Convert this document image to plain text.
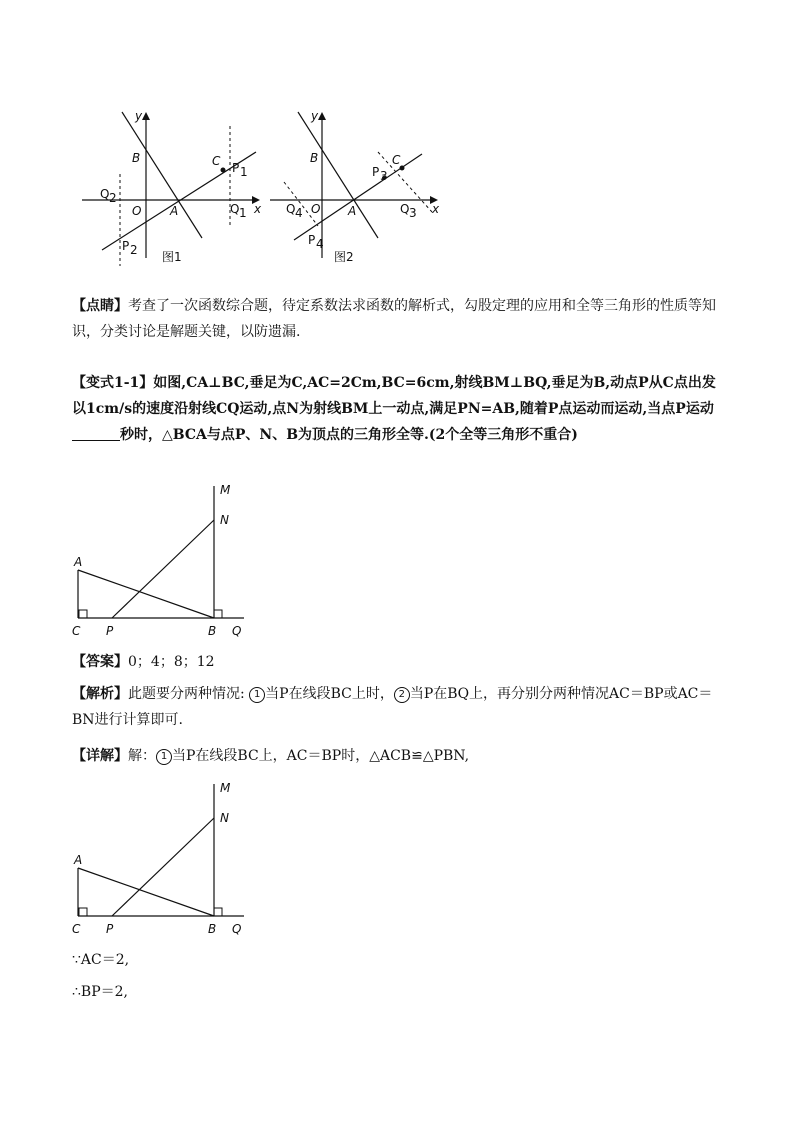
y
x
O A
B	C P 1
Q 1
Q 2
P 2 图1
y
x
O A
B	C
P 3
Q 3
Q 4
P 4
图2
【点睛】考查了一次函数综合题，待定系数法求函数的解析式，勾股定理的应用和全等三角形的性质等知识，分类讨论是解题关键，以防遗漏.
【变式1-1】如图,CA⊥BC,垂足为C,AC=2Cm,BC=6cm,射线BM⊥BQ,垂足为B,动点P从C点出发以1cm/s的速度沿射线CQ运动,点N为射线BM上一动点,满足PN=AB,随着P点运动而运动,当点P运动秒时，△BCA与点P、N、B为顶点的三角形全等.(2个全等三角形不重合)
M
N
A
C P	B Q
【答案】0；4；8；12
【解析】此题要分两种情况: 1 当P在线段BC上时， 2 当P在BQ上，再分别分两种情况AC＝BP或AC＝BN进行计算即可.
【详解】解： 1 当P在线段BC上，AC＝BP时，△ACB≌△PBN,
M
N
A
C P	B Q
∵AC＝2,
∴BP＝2,
